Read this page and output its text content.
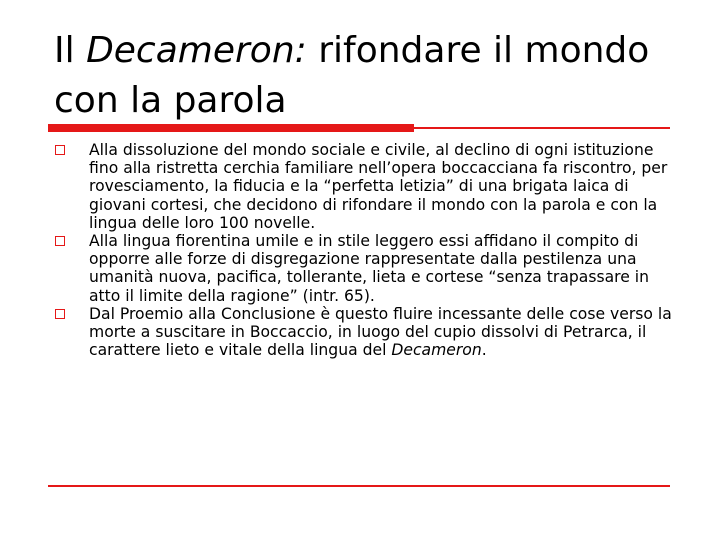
Il Decameron: rifondare il mondo con la parola
Alla dissoluzione del mondo sociale e civile, al declino di ogni istituzione fino alla ristretta cerchia familiare nell’opera boccacciana fa riscontro, per rovesciamento, la fiducia e la “perfetta letizia” di una brigata laica di giovani cortesi, che decidono di rifondare il mondo con la parola e con la lingua delle loro 100 novelle.
Alla lingua fiorentina umile e in stile leggero essi affidano il compito di opporre alle forze di disgregazione rappresentate dalla pestilenza una umanità nuova, pacifica, tollerante, lieta e cortese “senza trapassare in atto il limite della ragione” (intr. 65).
Dal Proemio alla Conclusione è questo fluire incessante delle cose verso la morte a suscitare in Boccaccio, in luogo del cupio dissolvi di Petrarca, il carattere lieto e vitale della lingua del Decameron.
